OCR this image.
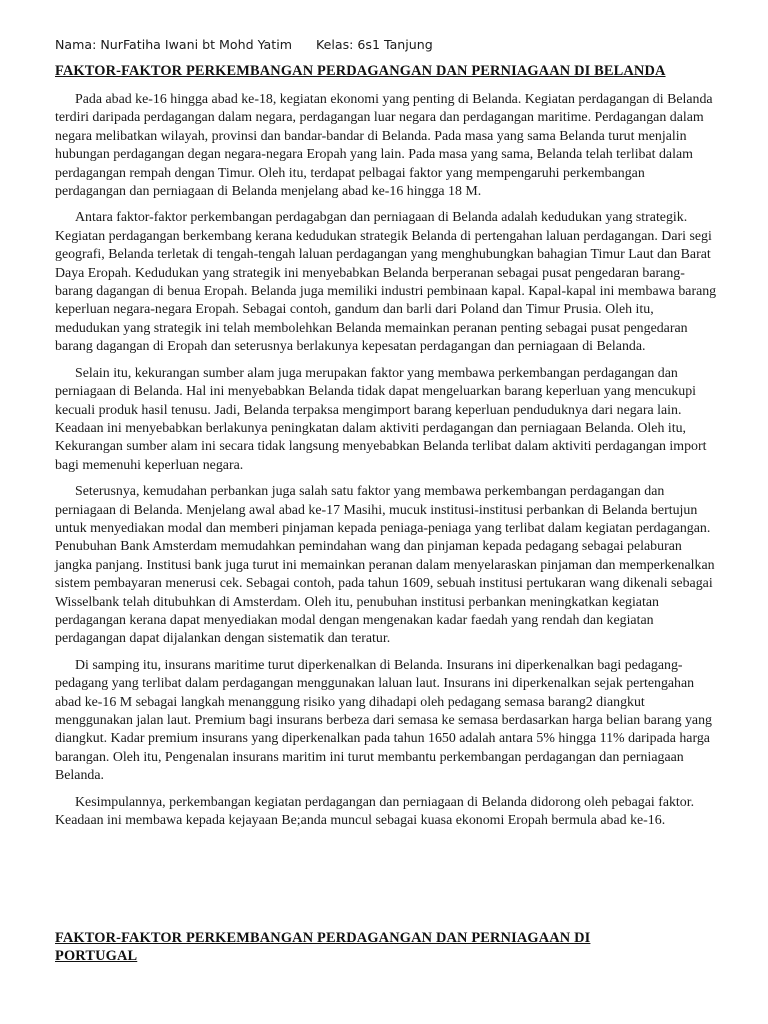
Nama: NurFatiha Iwani bt Mohd Yatim Kelas: 6s1 Tanjung
FAKTOR-FAKTOR PERKEMBANGAN PERDAGANGAN DAN PERNIAGAAN DI BELANDA

Pada abad ke-16 hingga abad ke-18, kegiatan ekonomi yang penting di Belanda. Kegiatan perdagangan di Belanda terdiri daripada perdagangan dalam negara, perdagangan luar negara dan perdagangan maritime. Perdagangan dalam negara melibatkan wilayah, provinsi dan bandar-bandar di Belanda. Pada masa yang sama Belanda turut menjalin hubungan perdagangan degan negara-negara Eropah yang lain. Pada masa yang sama, Belanda telah terlibat dalam perdagangan rempah dengan Timur. Oleh itu, terdapat pelbagai faktor yang mempengaruhi perkembangan perdagangan dan perniagaan di Belanda menjelang abad ke-16 hingga 18 M.

Antara faktor-faktor perkembangan perdagabgan dan perniagaan di Belanda adalah kedudukan yang strategik. Kegiatan perdagangan berkembang kerana kedudukan strategik Belanda di pertengahan laluan perdagangan. Dari segi geografi, Belanda terletak di tengah-tengah laluan perdagangan yang menghubungkan bahagian Timur Laut dan Barat Daya Eropah. Kedudukan yang strategik ini menyebabkan Belanda berperanan sebagai pusat pengedaran barang-barang dagangan di benua Eropah. Belanda juga memiliki industri pembinaan kapal. Kapal-kapal ini membawa barang keperluan negara-negara Eropah. Sebagai contoh, gandum dan barli dari Poland dan Timur Prusia. Oleh itu, medudukan yang strategik ini telah membolehkan Belanda memainkan peranan penting sebagai pusat pengedaran barang dagangan di Eropah dan seterusnya berlakunya kepesatan perdagangan dan perniagaan di Belanda.

Selain itu, kekurangan sumber alam juga merupakan faktor yang membawa perkembangan perdagangan dan perniagaan di Belanda. Hal ini menyebabkan Belanda tidak dapat mengeluarkan barang keperluan yang mencukupi kecuali produk hasil tenusu. Jadi, Belanda terpaksa mengimport barang keperluan penduduknya dari negara lain. Keadaan ini menyebabkan berlakunya peningkatan dalam aktiviti perdagangan dan perniagaan Belanda. Oleh itu, Kekurangan sumber alam ini secara tidak langsung menyebabkan Belanda terlibat dalam aktiviti perdagangan import bagi memenuhi keperluan negara.

Seterusnya, kemudahan perbankan juga salah satu faktor yang membawa perkembangan perdagangan dan perniagaan di Belanda. Menjelang awal abad ke-17 Masihi, mucuk institusi-institusi perbankan di Belanda bertujun untuk menyediakan modal dan memberi pinjaman kepada peniaga-peniaga yang terlibat dalam kegiatan perdagangan. Penubuhan Bank Amsterdam memudahkan pemindahan wang dan pinjaman kepada pedagang sebagai pelaburan jangka panjang. Institusi bank juga turut ini memainkan peranan dalam menyelaraskan pinjaman dan memperkenalkan sistem pembayaran menerusi cek. Sebagai contoh, pada tahun 1609, sebuah institusi pertukaran wang dikenali sebagai Wisselbank telah ditubuhkan di Amsterdam. Oleh itu, penubuhan institusi perbankan meningkatkan kegiatan perdagangan kerana dapat menyediakan modal dengan mengenakan kadar faedah yang rendah dan kegiatan perdagangan dapat dijalankan dengan sistematik dan teratur.

Di samping itu, insurans maritime turut diperkenalkan di Belanda. Insurans ini diperkenalkan bagi pedagang-pedagang yang terlibat dalam perdagangan menggunakan laluan laut. Insurans ini diperkenalkan sejak pertengahan abad ke-16 M sebagai langkah menanggung risiko yang dihadapi oleh pedagang semasa barang2 diangkut menggunakan jalan laut. Premium bagi insurans berbeza dari semasa ke semasa berdasarkan harga belian barang yang diangkut. Kadar premium insurans yang diperkenalkan pada tahun 1650 adalah antara 5% hingga 11% daripada harga barangan. Oleh itu, Pengenalan insurans maritim ini turut membantu perkembangan perdagangan dan perniagaan Belanda.

Kesimpulannya, perkembangan kegiatan perdagangan dan perniagaan di Belanda didorong oleh pebagai faktor. Keadaan ini membawa kepada kejayaan Be;anda muncul sebagai kuasa ekonomi Eropah bermula abad ke-16.

FAKTOR-FAKTOR PERKEMBANGAN PERDAGANGAN DAN PERNIAGAAN DI PORTUGAL
